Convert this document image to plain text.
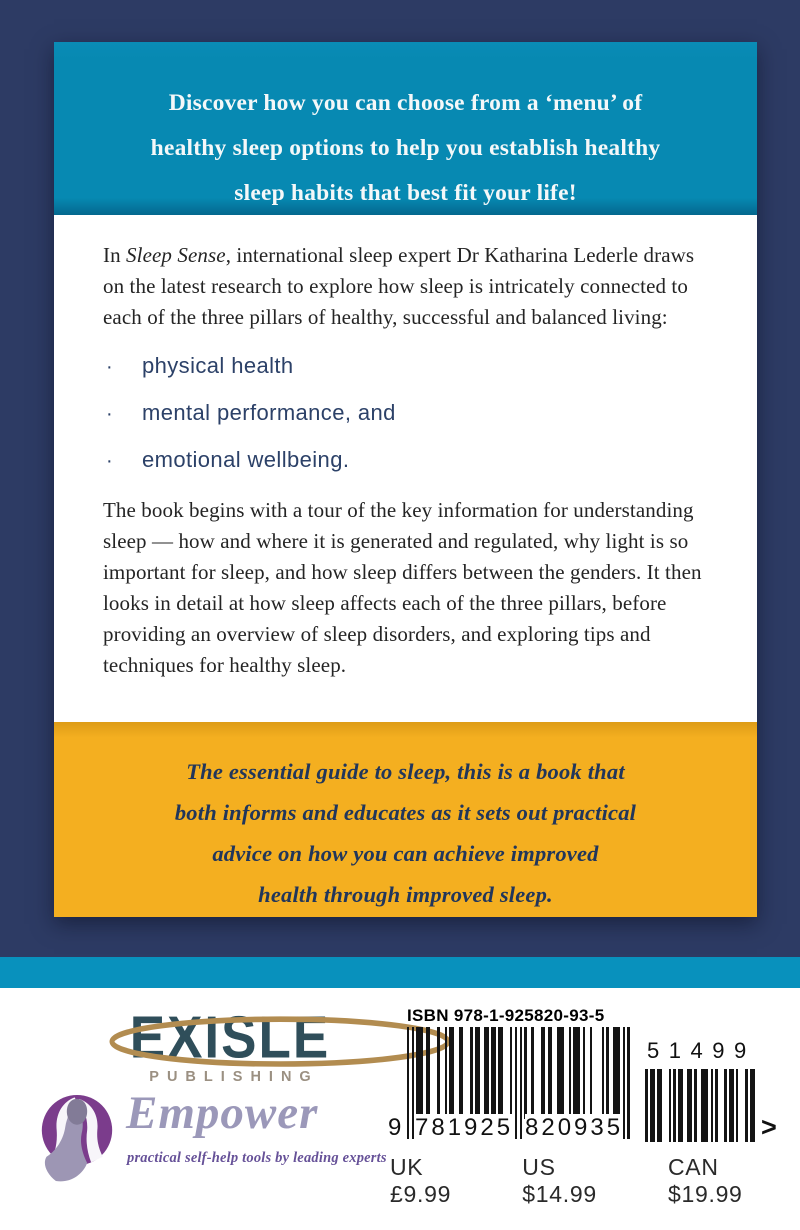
Discover how you can choose from a ‘menu’ of
healthy sleep options to help you establish healthy
sleep habits that best fit your life!

In Sleep Sense, international sleep expert Dr Katharina Lederle draws on the latest research to explore how sleep is intricately connected to each of the three pillars of healthy, successful and balanced living:

·	physical health
·	mental performance, and
·	emotional wellbeing.

The book begins with a tour of the key information for understanding sleep — how and where it is generated and regulated, why light is so important for sleep, and how sleep differs between the genders. It then looks in detail at how sleep affects each of the three pillars, before providing an overview of sleep disorders, and exploring tips and techniques for healthy sleep.

The essential guide to sleep, this is a book that
both informs and educates as it sets out practical
advice on how you can achieve improved
health through improved sleep.
EXISLE
PUBLISHING
Empower
practical self-help tools by leading experts
ISBN 978-1-925820-93-5
9 781925 820935
51499
>
UK £9.99
US $14.99
CAN $19.99
